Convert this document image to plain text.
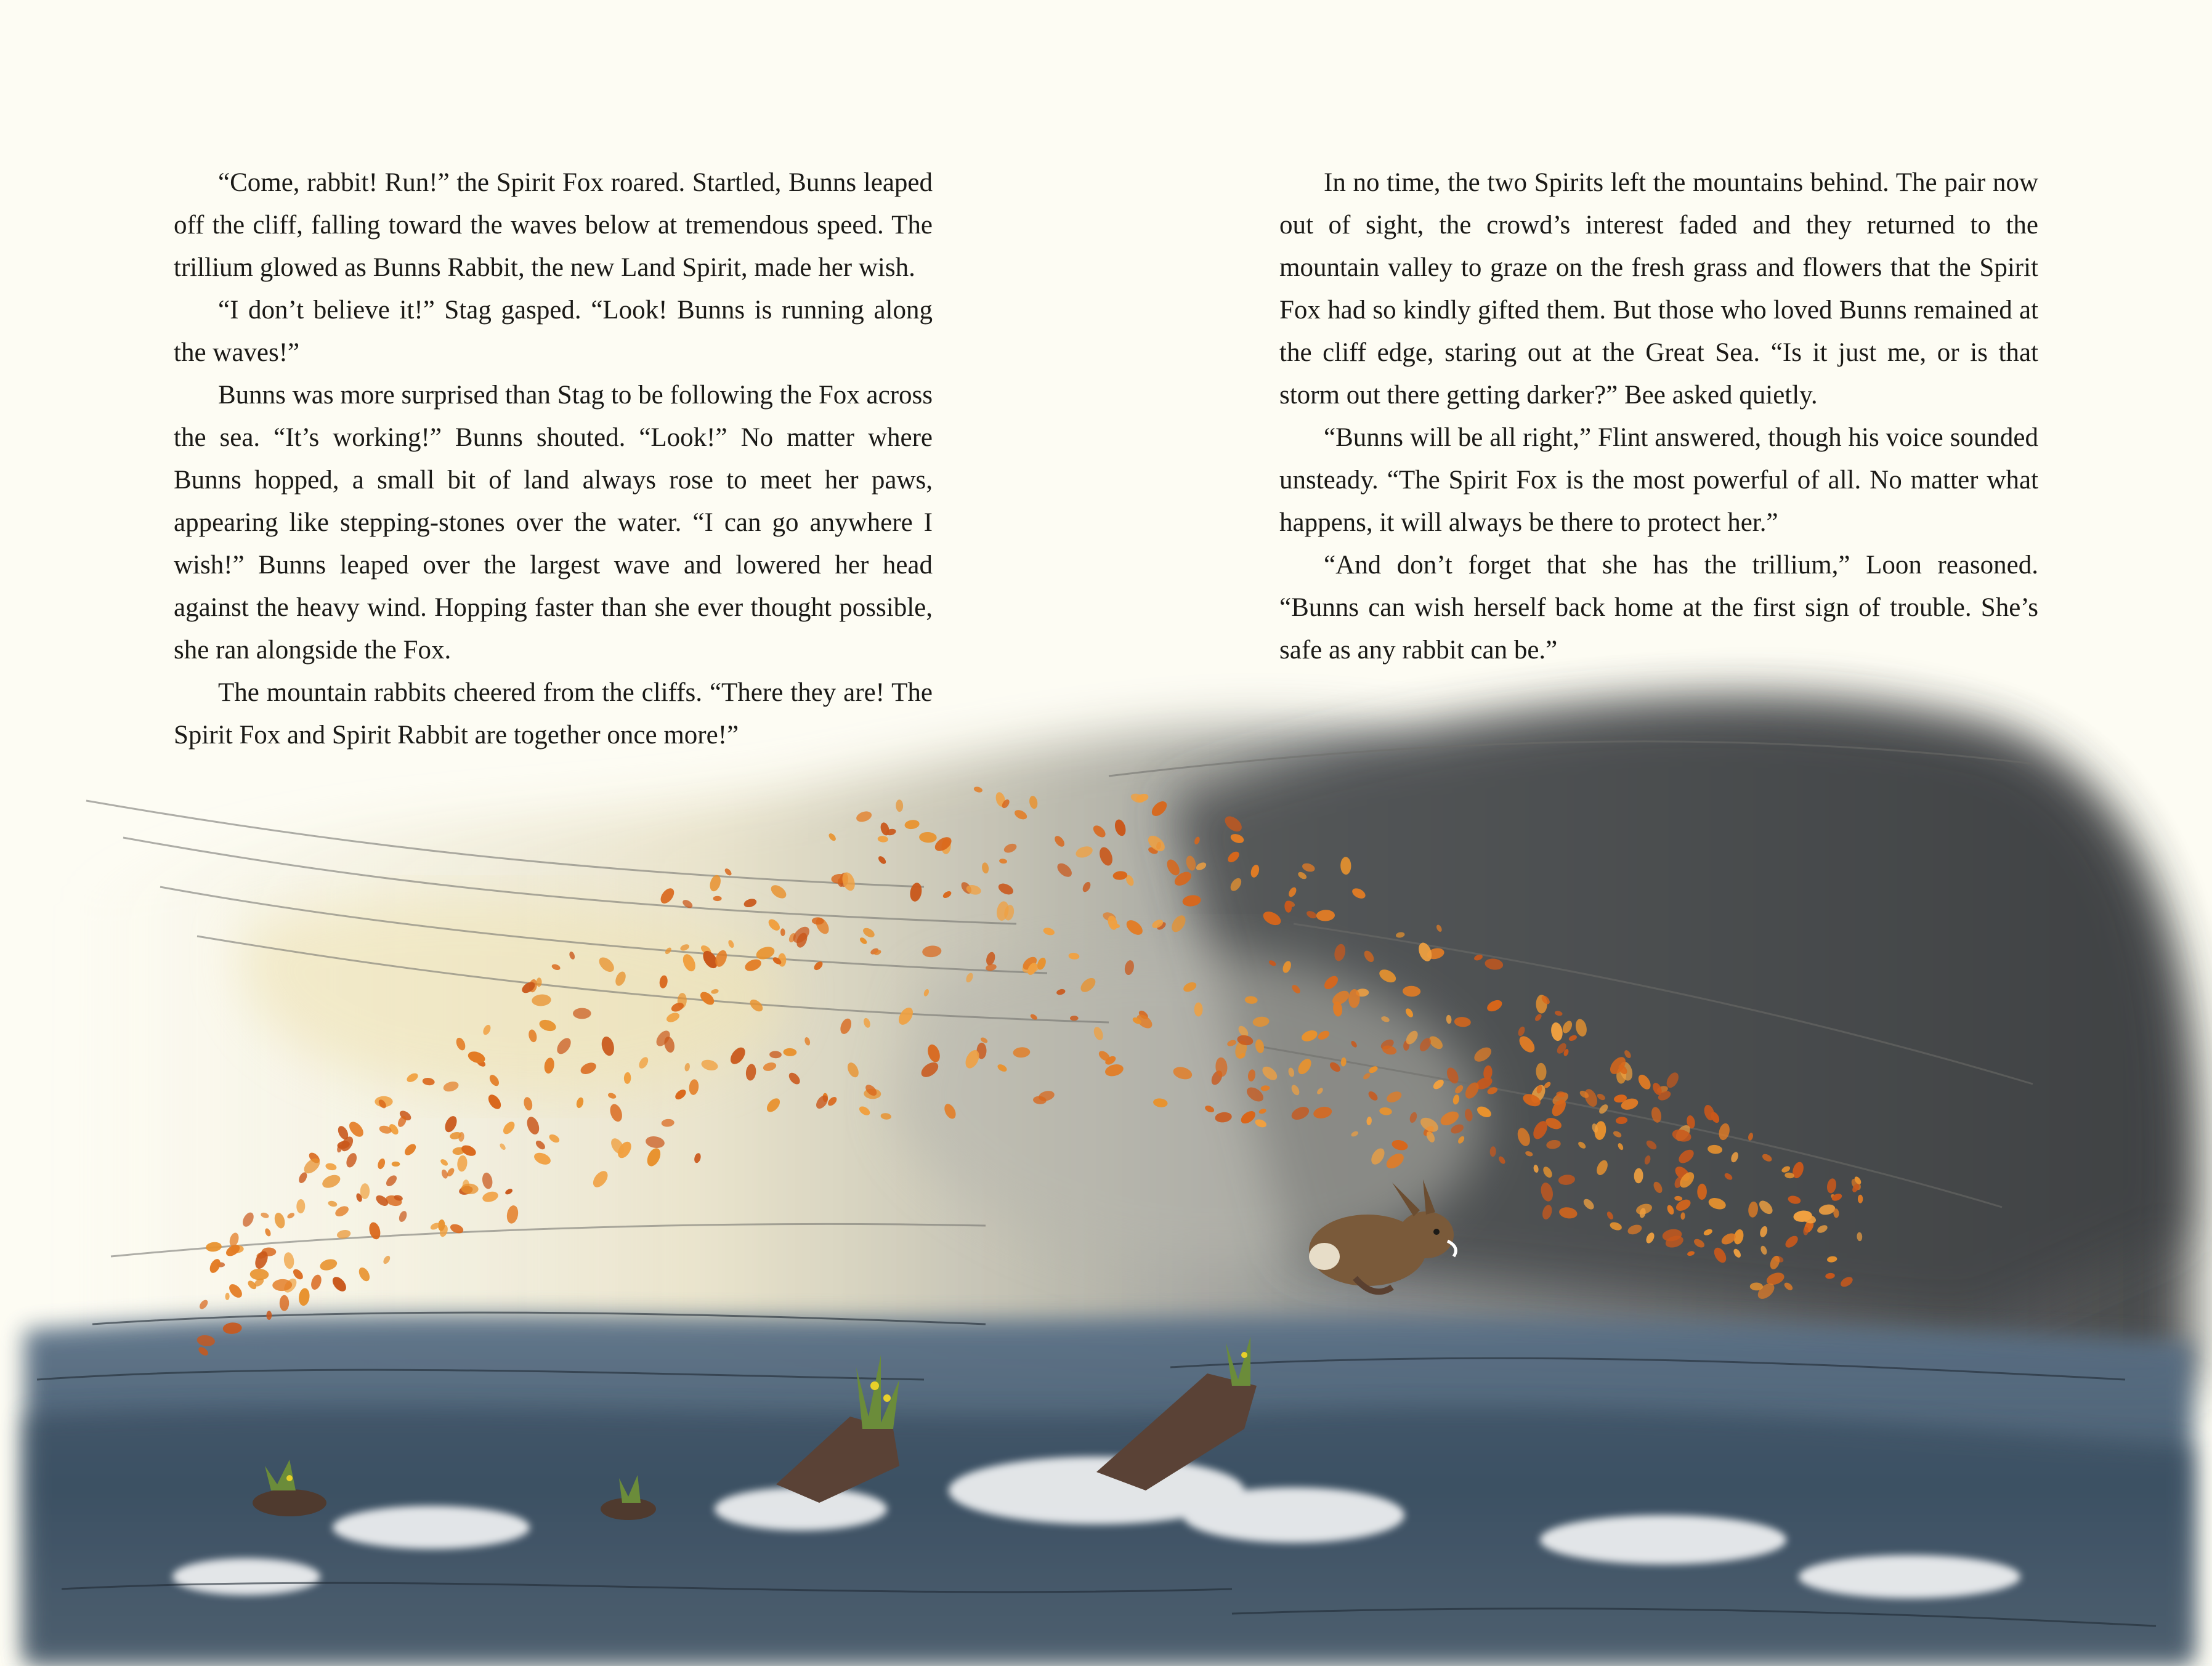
“Come, rabbit! Run!” the Spirit Fox roared. Startled, Bunns leaped off the cliff, falling toward the waves below at tremendous speed. The trillium glowed as Bunns Rabbit, the new Land Spirit, made her wish.

“I don’t believe it!” Stag gasped. “Look! Bunns is running along the waves!”

Bunns was more surprised than Stag to be following the Fox across the sea. “It’s working!” Bunns shouted. “Look!” No matter where Bunns hopped, a small bit of land always rose to meet her paws, appearing like stepping-stones over the water. “I can go anywhere I wish!” Bunns leaped over the largest wave and lowered her head against the heavy wind. Hopping faster than she ever thought possible, she ran alongside the Fox.

The mountain rabbits cheered from the cliffs. “There they are! The Spirit Fox and Spirit Rabbit are together once more!”

In no time, the two Spirits left the mountains behind. The pair now out of sight, the crowd’s interest faded and they returned to the mountain valley to graze on the fresh grass and flowers that the Spirit Fox had so kindly gifted them. But those who loved Bunns remained at the cliff edge, staring out at the Great Sea. “Is it just me, or is that storm out there getting darker?” Bee asked quietly.

“Bunns will be all right,” Flint answered, though his voice sounded unsteady. “The Spirit Fox is the most powerful of all. No matter what happens, it will always be there to protect her.”

“And don’t forget that she has the trillium,” Loon reasoned. “Bunns can wish herself back home at the first sign of trouble. She’s safe as any rabbit can be.”
